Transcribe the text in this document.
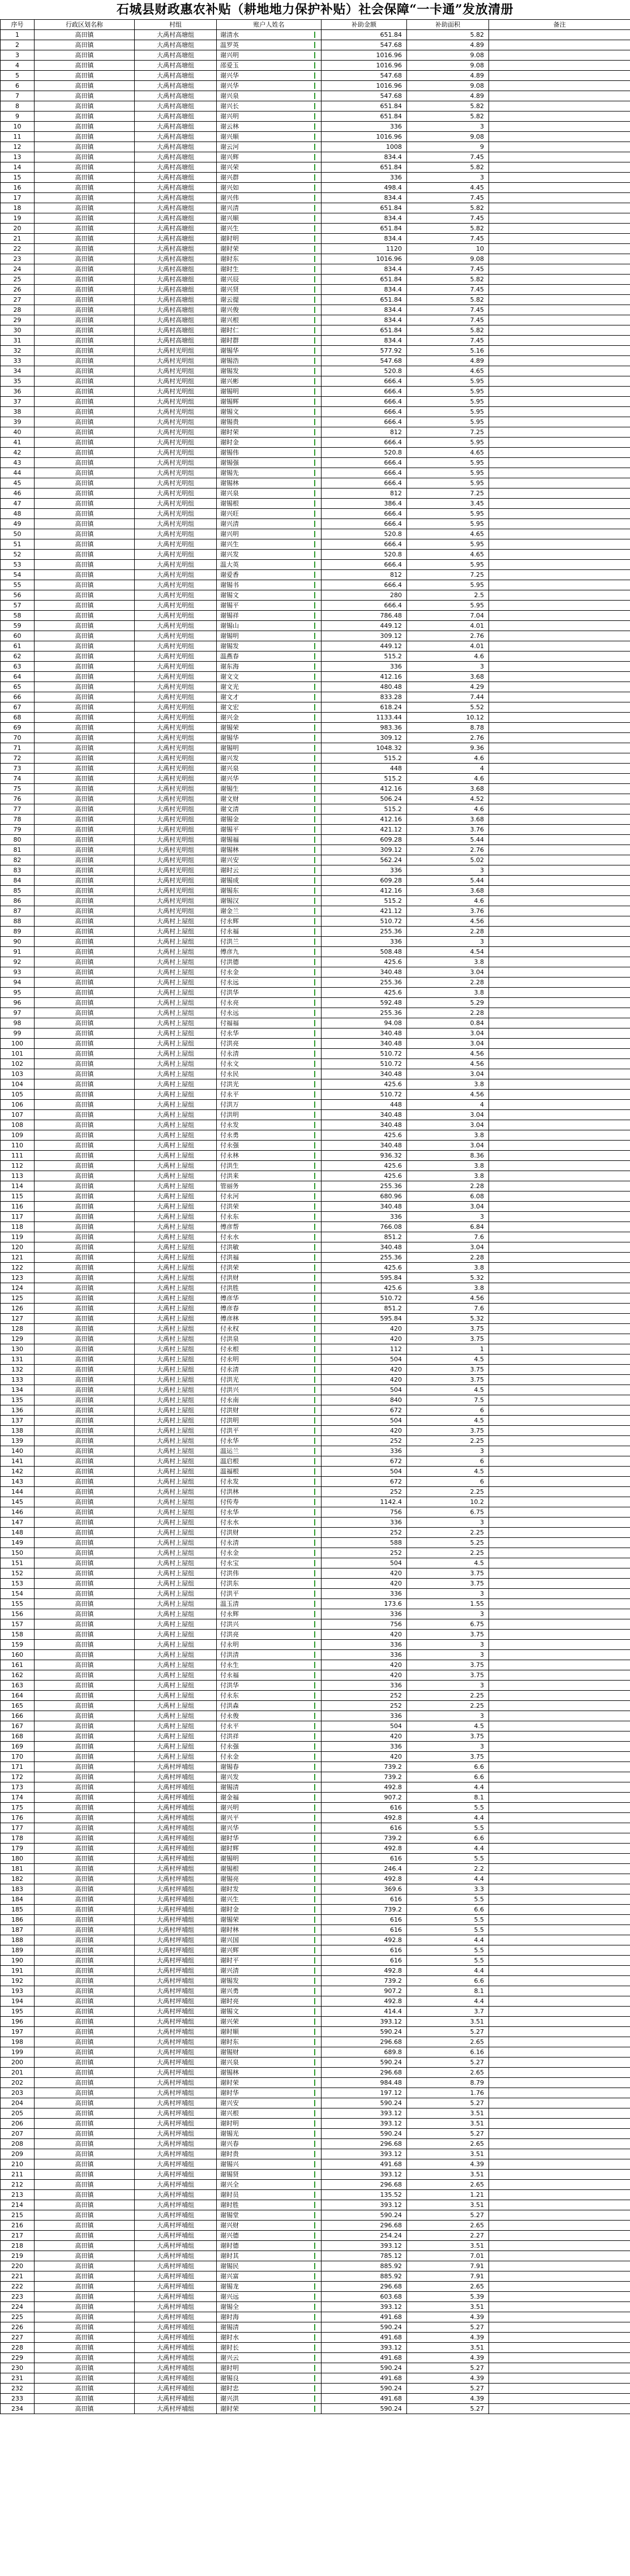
石城县财政惠农补贴（耕地地力保护补贴）社会保障“一卡通”发放清册
序号	行政区划名称	村组	账户人姓名	补助金额	补助面积	备注
1	高田镇	大禹村高塘组	谢清水	651.84	5.82	
2	高田镇	大禹村高塘组	温罗英	547.68	4.89	
3	高田镇	大禹村高塘组	谢兴明	1016.96	9.08	
4	高田镇	大禹村高塘组	邵爱玉	1016.96	9.08	
5	高田镇	大禹村高塘组	谢兴华	547.68	4.89	
6	高田镇	大禹村高塘组	谢兴华	1016.96	9.08	
7	高田镇	大禹村高塘组	谢兴泉	547.68	4.89	
8	高田镇	大禹村高塘组	谢兴长	651.84	5.82	
9	高田镇	大禹村高塘组	谢兴明	651.84	5.82	
10	高田镇	大禹村高塘组	谢云林	336	3	
11	高田镇	大禹村高塘组	谢兴顺	1016.96	9.08	
12	高田镇	大禹村高塘组	谢云河	1008	9	
13	高田镇	大禹村高塘组	谢兴辉	834.4	7.45	
14	高田镇	大禹村高塘组	谢兴荣	651.84	5.82	
15	高田镇	大禹村高塘组	谢兴群	336	3	
16	高田镇	大禹村高塘组	谢兴如	498.4	4.45	
17	高田镇	大禹村高塘组	谢兴伟	834.4	7.45	
18	高田镇	大禹村高塘组	谢兴清	651.84	5.82	
19	高田镇	大禹村高塘组	谢兴顺	834.4	7.45	
20	高田镇	大禹村高塘组	谢兴生	651.84	5.82	
21	高田镇	大禹村高塘组	谢时明	834.4	7.45	
22	高田镇	大禹村高塘组	谢时荣	1120	10	
23	高田镇	大禹村高塘组	谢时东	1016.96	9.08	
24	高田镇	大禹村高塘组	谢时生	834.4	7.45	
25	高田镇	大禹村高塘组	谢兴辰	651.84	5.82	
26	高田镇	大禹村高塘组	谢兴贤	834.4	7.45	
27	高田镇	大禹村高塘组	谢云提	651.84	5.82	
28	高田镇	大禹村高塘组	谢兴俊	834.4	7.45	
29	高田镇	大禹村高塘组	谢兴根	834.4	7.45	
30	高田镇	大禹村高塘组	谢时仁	651.84	5.82	
31	高田镇	大禹村高塘组	谢时群	834.4	7.45	
32	高田镇	大禹村光明组	谢锡华	577.92	5.16	
33	高田镇	大禹村光明组	谢锡浩	547.68	4.89	
34	高田镇	大禹村光明组	谢锡发	520.8	4.65	
35	高田镇	大禹村光明组	谢兴彬	666.4	5.95	
36	高田镇	大禹村光明组	谢锡明	666.4	5.95	
37	高田镇	大禹村光明组	谢锡辉	666.4	5.95	
38	高田镇	大禹村光明组	谢锡文	666.4	5.95	
39	高田镇	大禹村光明组	谢锡贵	666.4	5.95	
40	高田镇	大禹村光明组	谢时荣	812	7.25	
41	高田镇	大禹村光明组	谢时金	666.4	5.95	
42	高田镇	大禹村光明组	谢锡伟	520.8	4.65	
43	高田镇	大禹村光明组	谢锡强	666.4	5.95	
44	高田镇	大禹村光明组	谢锡先	666.4	5.95	
45	高田镇	大禹村光明组	谢锡林	666.4	5.95	
46	高田镇	大禹村光明组	谢兴泉	812	7.25	
47	高田镇	大禹村光明组	谢锡根	386.4	3.45	
48	高田镇	大禹村光明组	谢兴旺	666.4	5.95	
49	高田镇	大禹村光明组	谢兴清	666.4	5.95	
50	高田镇	大禹村光明组	谢兴明	520.8	4.65	
51	高田镇	大禹村光明组	谢兴生	666.4	5.95	
52	高田镇	大禹村光明组	谢兴发	520.8	4.65	
53	高田镇	大禹村光明组	温大英	666.4	5.95	
54	高田镇	大禹村光明组	谢爱香	812	7.25	
55	高田镇	大禹村光明组	谢锡书	666.4	5.95	
56	高田镇	大禹村光明组	谢锡文	280	2.5	
57	高田镇	大禹村光明组	谢锡平	666.4	5.95	
58	高田镇	大禹村光明组	谢锡祥	786.48	7.04	
59	高田镇	大禹村光明组	谢锡山	449.12	4.01	
60	高田镇	大禹村光明组	谢锡明	309.12	2.76	
61	高田镇	大禹村光明组	谢锡发	449.12	4.01	
62	高田镇	大禹村光明组	温燕春	515.2	4.6	
63	高田镇	大禹村光明组	谢东海	336	3	
64	高田镇	大禹村光明组	谢文文	412.16	3.68	
65	高田镇	大禹村光明组	谢文光	480.48	4.29	
66	高田镇	大禹村光明组	谢文才	833.28	7.44	
67	高田镇	大禹村光明组	谢文宏	618.24	5.52	
68	高田镇	大禹村光明组	谢兴金	1133.44	10.12	
69	高田镇	大禹村光明组	谢锡荣	983.36	8.78	
70	高田镇	大禹村光明组	谢锡华	309.12	2.76	
71	高田镇	大禹村光明组	谢锡明	1048.32	9.36	
72	高田镇	大禹村光明组	谢兴发	515.2	4.6	
73	高田镇	大禹村光明组	谢兴泉	448	4	
74	高田镇	大禹村光明组	谢兴华	515.2	4.6	
75	高田镇	大禹村光明组	谢锡生	412.16	3.68	
76	高田镇	大禹村光明组	谢文财	506.24	4.52	
77	高田镇	大禹村光明组	谢文清	515.2	4.6	
78	高田镇	大禹村光明组	谢锡金	412.16	3.68	
79	高田镇	大禹村光明组	谢锡平	421.12	3.76	
80	高田镇	大禹村光明组	谢锡福	609.28	5.44	
81	高田镇	大禹村光明组	谢锡林	309.12	2.76	
82	高田镇	大禹村光明组	谢兴安	562.24	5.02	
83	高田镇	大禹村光明组	谢时云	336	3	
84	高田镇	大禹村光明组	谢锡成	609.28	5.44	
85	高田镇	大禹村光明组	谢锡东	412.16	3.68	
86	高田镇	大禹村光明组	谢锡汉	515.2	4.6	
87	高田镇	大禹村光明组	谢金兰	421.12	3.76	
88	高田镇	大禹村上屋组	付永辉	510.72	4.56	
89	高田镇	大禹村上屋组	付永福	255.36	2.28	
90	高田镇	大禹村上屋组	付洪兰	336	3	
91	高田镇	大禹村上屋组	傅彦九	508.48	4.54	
92	高田镇	大禹村上屋组	付洪德	425.6	3.8	
93	高田镇	大禹村上屋组	付永金	340.48	3.04	
94	高田镇	大禹村上屋组	付永远	255.36	2.28	
95	高田镇	大禹村上屋组	付洪华	425.6	3.8	
96	高田镇	大禹村上屋组	付永亮	592.48	5.29	
97	高田镇	大禹村上屋组	付永远	255.36	2.28	
98	高田镇	大禹村上屋组	付福福	94.08	0.84	
99	高田镇	大禹村上屋组	付永华	340.48	3.04	
100	高田镇	大禹村上屋组	付洪亮	340.48	3.04	
101	高田镇	大禹村上屋组	付永清	510.72	4.56	
102	高田镇	大禹村上屋组	付永文	510.72	4.56	
103	高田镇	大禹村上屋组	付永民	340.48	3.04	
104	高田镇	大禹村上屋组	付洪光	425.6	3.8	
105	高田镇	大禹村上屋组	付永平	510.72	4.56	
106	高田镇	大禹村上屋组	付洪万	448	4	
107	高田镇	大禹村上屋组	付洪明	340.48	3.04	
108	高田镇	大禹村上屋组	付永发	340.48	3.04	
109	高田镇	大禹村上屋组	付永勇	425.6	3.8	
110	高田镇	大禹村上屋组	付永强	340.48	3.04	
111	高田镇	大禹村上屋组	付永林	936.32	8.36	
112	高田镇	大禹村上屋组	付洪生	425.6	3.8	
113	高田镇	大禹村上屋组	付洪来	425.6	3.8	
114	高田镇	大禹村上屋组	管丽务	255.36	2.28	
115	高田镇	大禹村上屋组	付永河	680.96	6.08	
116	高田镇	大禹村上屋组	付洪荣	340.48	3.04	
117	高田镇	大禹村上屋组	付永东	336	3	
118	高田镇	大禹村上屋组	傅彦帮	766.08	6.84	
119	高田镇	大禹村上屋组	付永水	851.2	7.6	
120	高田镇	大禹村上屋组	付洪敏	340.48	3.04	
121	高田镇	大禹村上屋组	付洪福	255.36	2.28	
122	高田镇	大禹村上屋组	付洪荣	425.6	3.8	
123	高田镇	大禹村上屋组	付洪财	595.84	5.32	
124	高田镇	大禹村上屋组	付洪胜	425.6	3.8	
125	高田镇	大禹村上屋组	傅彦华	510.72	4.56	
126	高田镇	大禹村上屋组	傅彦春	851.2	7.6	
127	高田镇	大禹村上屋组	傅彦林	595.84	5.32	
128	高田镇	大禹村上屋组	付永权	420	3.75	
129	高田镇	大禹村上屋组	付洪泉	420	3.75	
130	高田镇	大禹村上屋组	付永根	112	1	
131	高田镇	大禹村上屋组	付永明	504	4.5	
132	高田镇	大禹村上屋组	付永清	420	3.75	
133	高田镇	大禹村上屋组	付洪光	420	3.75	
134	高田镇	大禹村上屋组	付洪兴	504	4.5	
135	高田镇	大禹村上屋组	付永南	840	7.5	
136	高田镇	大禹村上屋组	付洪财	672	6	
137	高田镇	大禹村上屋组	付洪明	504	4.5	
138	高田镇	大禹村上屋组	付洪平	420	3.75	
139	高田镇	大禹村上屋组	付永华	252	2.25	
140	高田镇	大禹村上屋组	温运兰	336	3	
141	高田镇	大禹村上屋组	温启根	672	6	
142	高田镇	大禹村上屋组	温福根	504	4.5	
143	高田镇	大禹村上屋组	付永发	672	6	
144	高田镇	大禹村上屋组	付洪林	252	2.25	
145	高田镇	大禹村上屋组	付传寿	1142.4	10.2	
146	高田镇	大禹村上屋组	付永华	756	6.75	
147	高田镇	大禹村上屋组	付永水	336	3	
148	高田镇	大禹村上屋组	付洪财	252	2.25	
149	高田镇	大禹村上屋组	付永清	588	5.25	
150	高田镇	大禹村上屋组	付永金	252	2.25	
151	高田镇	大禹村上屋组	付永宝	504	4.5	
152	高田镇	大禹村上屋组	付洪伟	420	3.75	
153	高田镇	大禹村上屋组	付洪东	420	3.75	
154	高田镇	大禹村上屋组	付洪平	336	3	
155	高田镇	大禹村上屋组	温玉清	173.6	1.55	
156	高田镇	大禹村上屋组	付永辉	336	3	
157	高田镇	大禹村上屋组	付洪兴	756	6.75	
158	高田镇	大禹村上屋组	付洪亮	420	3.75	
159	高田镇	大禹村上屋组	付永明	336	3	
160	高田镇	大禹村上屋组	付洪清	336	3	
161	高田镇	大禹村上屋组	付永生	420	3.75	
162	高田镇	大禹村上屋组	付永福	420	3.75	
163	高田镇	大禹村上屋组	付洪华	336	3	
164	高田镇	大禹村上屋组	付永东	252	2.25	
165	高田镇	大禹村上屋组	付洪森	252	2.25	
166	高田镇	大禹村上屋组	付永俊	336	3	
167	高田镇	大禹村上屋组	付永平	504	4.5	
168	高田镇	大禹村上屋组	付洪祥	420	3.75	
169	高田镇	大禹村上屋组	付永强	336	3	
170	高田镇	大禹村上屋组	付永金	420	3.75	
171	高田镇	大禹村坪埔组	谢锡春	739.2	6.6	
172	高田镇	大禹村坪埔组	谢兴发	739.2	6.6	
173	高田镇	大禹村坪埔组	谢锡清	492.8	4.4	
174	高田镇	大禹村坪埔组	谢金福	907.2	8.1	
175	高田镇	大禹村坪埔组	谢兴明	616	5.5	
176	高田镇	大禹村坪埔组	谢兴平	492.8	4.4	
177	高田镇	大禹村坪埔组	谢兴华	616	5.5	
178	高田镇	大禹村坪埔组	谢时华	739.2	6.6	
179	高田镇	大禹村坪埔组	谢时辉	492.8	4.4	
180	高田镇	大禹村坪埔组	谢锡明	616	5.5	
181	高田镇	大禹村坪埔组	谢锡根	246.4	2.2	
182	高田镇	大禹村坪埔组	谢锡亮	492.8	4.4	
183	高田镇	大禹村坪埔组	谢时发	369.6	3.3	
184	高田镇	大禹村坪埔组	谢兴生	616	5.5	
185	高田镇	大禹村坪埔组	谢时金	739.2	6.6	
186	高田镇	大禹村坪埔组	谢锡荣	616	5.5	
187	高田镇	大禹村坪埔组	谢时林	616	5.5	
188	高田镇	大禹村坪埔组	谢兴国	492.8	4.4	
189	高田镇	大禹村坪埔组	谢兴辉	616	5.5	
190	高田镇	大禹村坪埔组	谢时平	616	5.5	
191	高田镇	大禹村坪埔组	谢兴清	492.8	4.4	
192	高田镇	大禹村坪埔组	谢锡发	739.2	6.6	
193	高田镇	大禹村坪埔组	谢兴勇	907.2	8.1	
194	高田镇	大禹村坪埔组	谢时亮	492.8	4.4	
195	高田镇	大禹村坪埔组	谢锡文	414.4	3.7	
196	高田镇	大禹村坪埔组	谢兴荣	393.12	3.51	
197	高田镇	大禹村坪埔组	谢时顺	590.24	5.27	
198	高田镇	大禹村坪埔组	谢时东	296.68	2.65	
199	高田镇	大禹村坪埔组	谢锡财	689.8	6.16	
200	高田镇	大禹村坪埔组	谢兴泉	590.24	5.27	
201	高田镇	大禹村坪埔组	谢锡林	296.68	2.65	
202	高田镇	大禹村坪埔组	谢时荣	984.48	8.79	
203	高田镇	大禹村坪埔组	谢时华	197.12	1.76	
204	高田镇	大禹村坪埔组	谢兴安	590.24	5.27	
205	高田镇	大禹村坪埔组	谢兴根	393.12	3.51	
206	高田镇	大禹村坪埔组	谢时明	393.12	3.51	
207	高田镇	大禹村坪埔组	谢锡光	590.24	5.27	
208	高田镇	大禹村坪埔组	谢兴春	296.68	2.65	
209	高田镇	大禹村坪埔组	谢时贵	393.12	3.51	
210	高田镇	大禹村坪埔组	谢锡兴	491.68	4.39	
211	高田镇	大禹村坪埔组	谢锡贤	393.12	3.51	
212	高田镇	大禹村坪埔组	谢兴全	296.68	2.65	
213	高田镇	大禹村坪埔组	谢时员	135.52	1.21	
214	高田镇	大禹村坪埔组	谢时胜	393.12	3.51	
215	高田镇	大禹村坪埔组	谢锡堂	590.24	5.27	
216	高田镇	大禹村坪埔组	谢兴财	296.68	2.65	
217	高田镇	大禹村坪埔组	谢兴德	254.24	2.27	
218	高田镇	大禹村坪埔组	谢时德	393.12	3.51	
219	高田镇	大禹村坪埔组	谢时其	785.12	7.01	
220	高田镇	大禹村坪埔组	谢锡民	885.92	7.91	
221	高田镇	大禹村坪埔组	谢兴富	885.92	7.91	
222	高田镇	大禹村坪埔组	谢锡龙	296.68	2.65	
223	高田镇	大禹村坪埔组	谢兴远	603.68	5.39	
224	高田镇	大禹村坪埔组	谢锡全	393.12	3.51	
225	高田镇	大禹村坪埔组	谢时海	491.68	4.39	
226	高田镇	大禹村坪埔组	谢锡清	590.24	5.27	
227	高田镇	大禹村坪埔组	谢时水	491.68	4.39	
228	高田镇	大禹村坪埔组	谢时长	393.12	3.51	
229	高田镇	大禹村坪埔组	谢兴云	491.68	4.39	
230	高田镇	大禹村坪埔组	谢时明	590.24	5.27	
231	高田镇	大禹村坪埔组	谢锡良	491.68	4.39	
232	高田镇	大禹村坪埔组	谢时忠	590.24	5.27	
233	高田镇	大禹村坪埔组	谢兴洪	491.68	4.39	
234	高田镇	大禹村坪埔组	谢时荣	590.24	5.27	
